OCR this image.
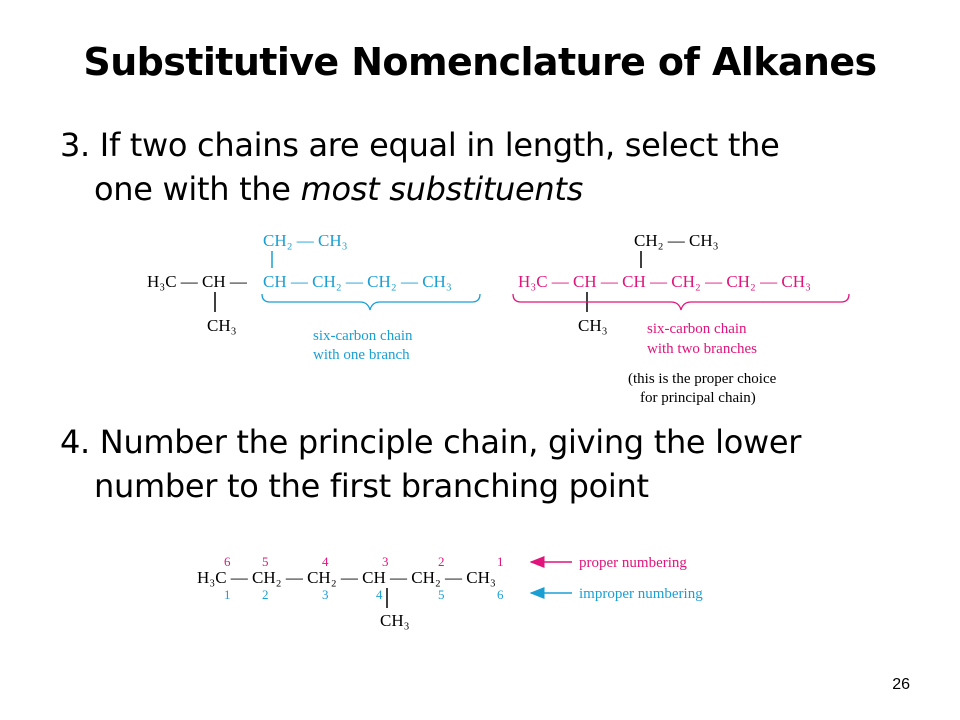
Substitutive Nomenclature of Alkanes
3. If two chains are equal in length, select the
one with the most substituents
4. Number the principle chain, giving the lower
number to the first branching point
CH₂ — CH₃
H₃C — CH — CH — CH₂ — CH₂ — CH₃
CH₃
six-carbon chain
with one branch
CH₂ — CH₃
H₃C — CH — CH — CH₂ — CH₂ — CH₃
CH₃	six-carbon chain
with two branches
(this is the proper choice
for principal chain)
6 5	4	3	2	1
H₃C — CH₂ — CH₂ — CH — CH₂ — CH₃
1 2	3	4	5	6
CH₃
proper numbering
improper numbering
26
